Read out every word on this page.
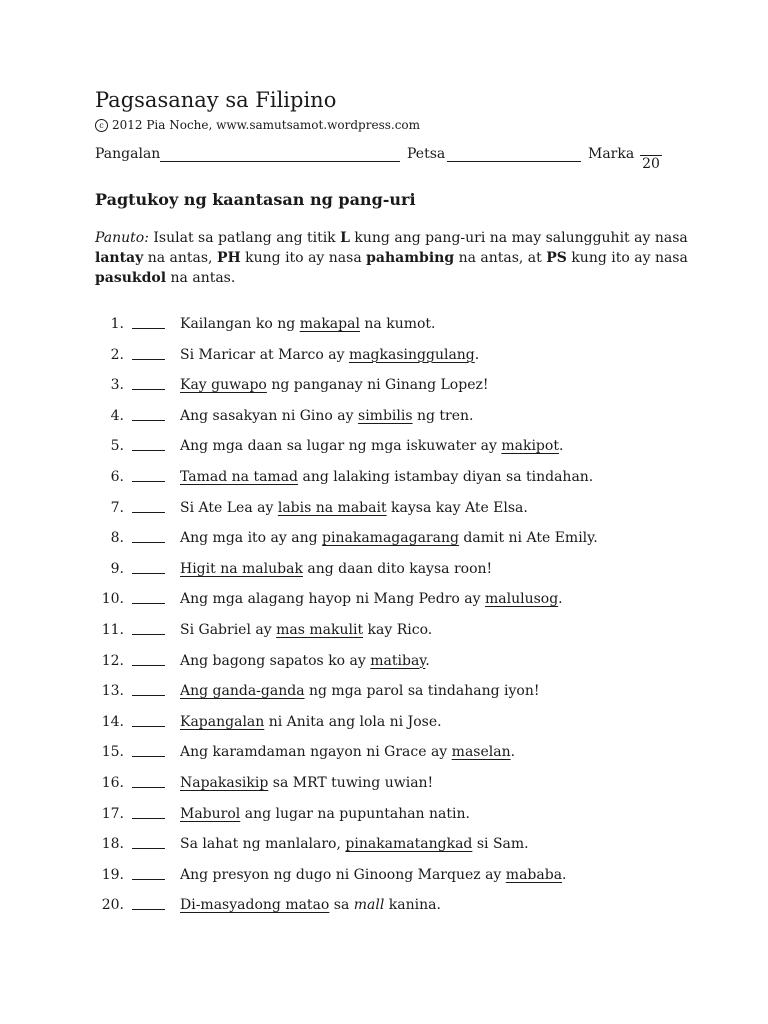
Pagsasanay sa Filipino
c 2012 Pia Noche, www.samutsamot.wordpress.com
Pangalan	Petsa	Marka
20
Pagtukoy ng kaantasan ng pang-uri
Panuto: Isulat sa patlang ang titik L kung ang pang-uri na may salungguhit ay nasa lantay na antas, PH kung ito ay nasa pahambing na antas, at PS kung ito ay nasa pasukdol na antas.
1.	Kailangan ko ng makapal na kumot.
2.	Si Maricar at Marco ay magkasinggulang.
3.	Kay guwapo ng panganay ni Ginang Lopez!
4.	Ang sasakyan ni Gino ay simbilis ng tren.
5.	Ang mga daan sa lugar ng mga iskuwater ay makipot.
6.	Tamad na tamad ang lalaking istambay diyan sa tindahan.
7.	Si Ate Lea ay labis na mabait kaysa kay Ate Elsa.
8.	Ang mga ito ay ang pinakamagagarang damit ni Ate Emily.
9.	Higit na malubak ang daan dito kaysa roon!
10.	Ang mga alagang hayop ni Mang Pedro ay malulusog.
11.	Si Gabriel ay mas makulit kay Rico.
12.	Ang bagong sapatos ko ay matibay.
13.	Ang ganda-ganda ng mga parol sa tindahang iyon!
14.	Kapangalan ni Anita ang lola ni Jose.
15.	Ang karamdaman ngayon ni Grace ay maselan.
16.	Napakasikip sa MRT tuwing uwian!
17.	Maburol ang lugar na pupuntahan natin.
18.	Sa lahat ng manlalaro, pinakamatangkad si Sam.
19.	Ang presyon ng dugo ni Ginoong Marquez ay mababa.
20.	Di-masyadong matao sa mall kanina.
